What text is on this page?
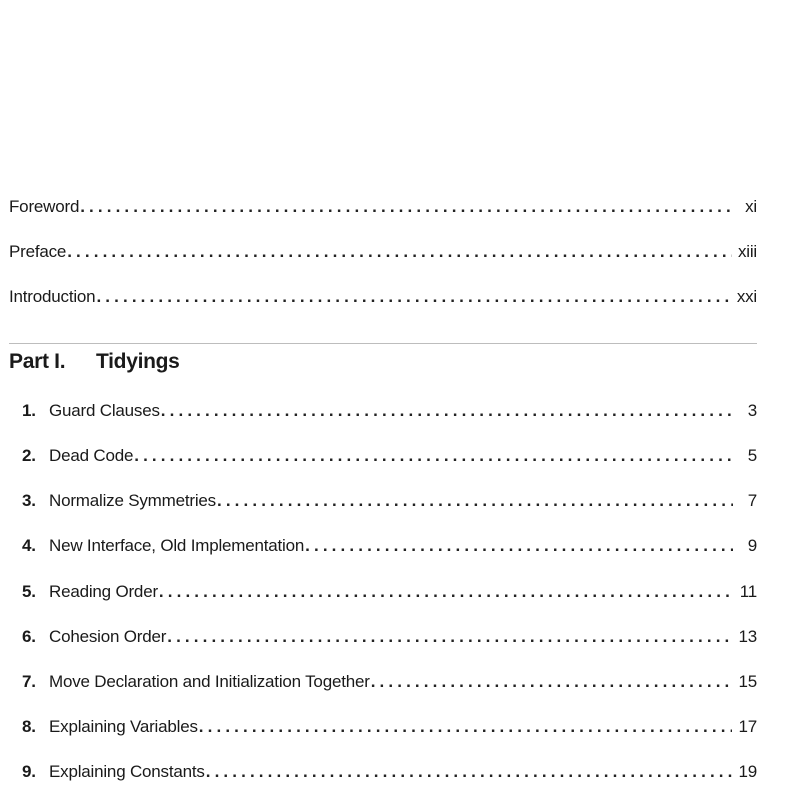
Foreword . . .	xi
Preface . . .	xiii
Introduction . . .	xxi
1. Guard Clauses . . .	3
2. Dead Code . . .	5
3. Normalize Symmetries . . .	7
4. New Interface, Old Implementation . . .	9
5. Reading Order . . .	11
6. Cohesion Order . . .	13
7. Move Declaration and Initialization Together . . .	15
8. Explaining Variables . . .	17
9. Explaining Constants . . .	19
Part I.	Tidyings
